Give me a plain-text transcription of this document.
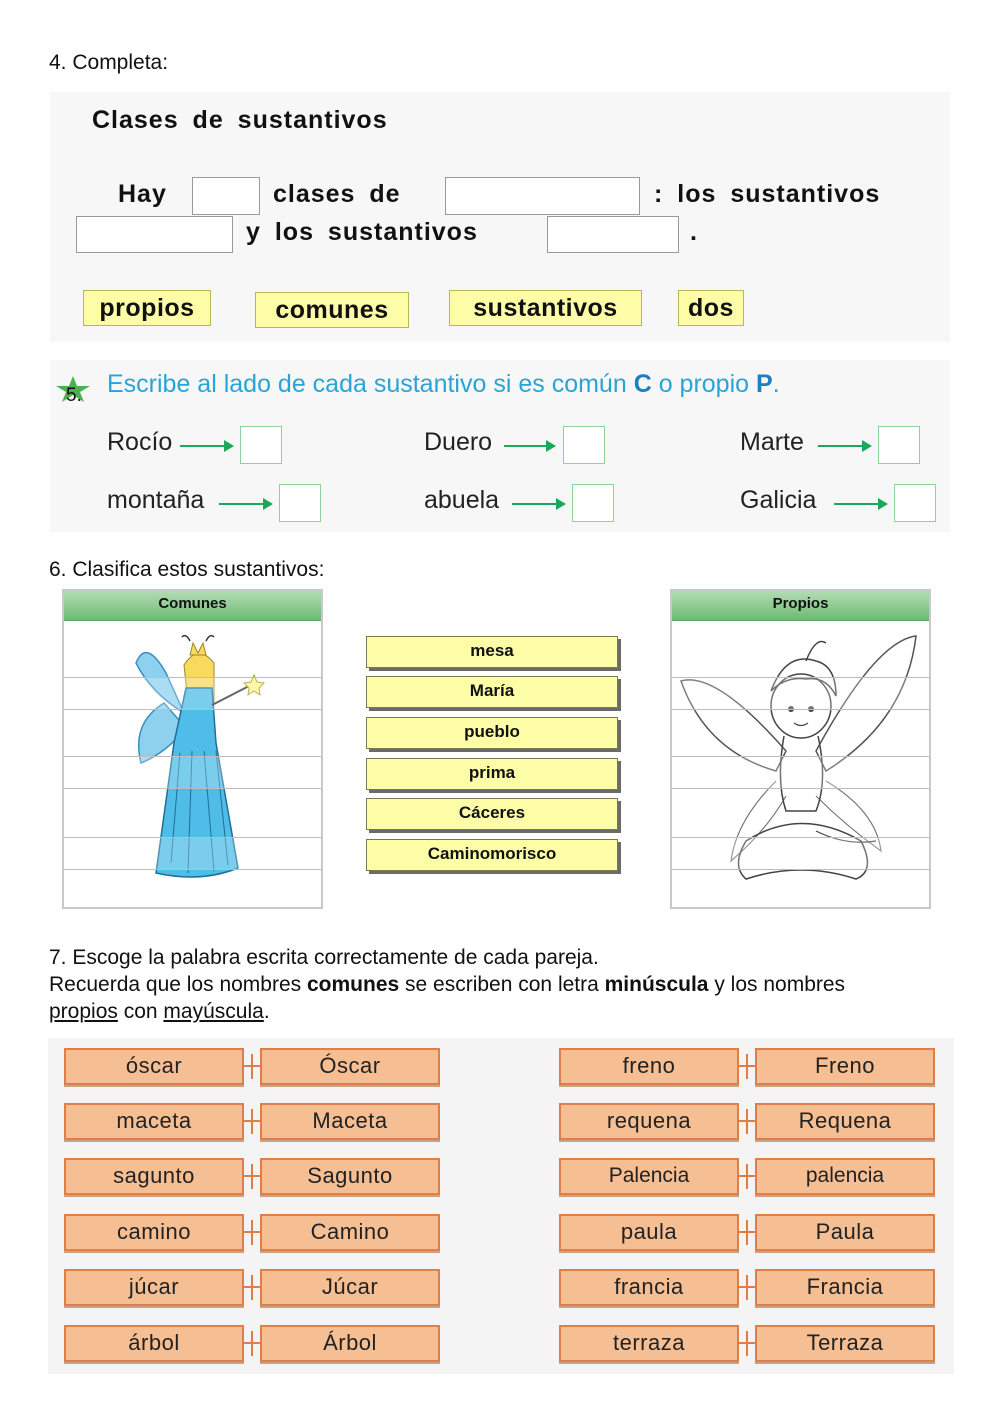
4. Completa:
Clases de sustantivos
Hay	clases de	: los sustantivos
y los sustantivos	.
propios	comunes	sustantivos	dos
5. Escribe al lado de cada sustantivo si es común C o propio P.
Rocío	Duero	Marte
montaña	abuela	Galicia
6. Clasifica estos sustantivos:
Comunes
mesa
María
pueblo
prima
Cáceres
Caminomorisco
Propios
7. Escoge la palabra escrita correctamente de cada pareja.
Recuerda que los nombres comunes se escriben con letra minúscula y los nombres
propios con mayúscula.
óscar	Óscar
maceta	Maceta
sagunto	Sagunto
camino	Camino
júcar	Júcar
árbol	Árbol
freno	Freno
requena	Requena
Palencia	palencia
paula	Paula
francia	Francia
terraza	Terraza
